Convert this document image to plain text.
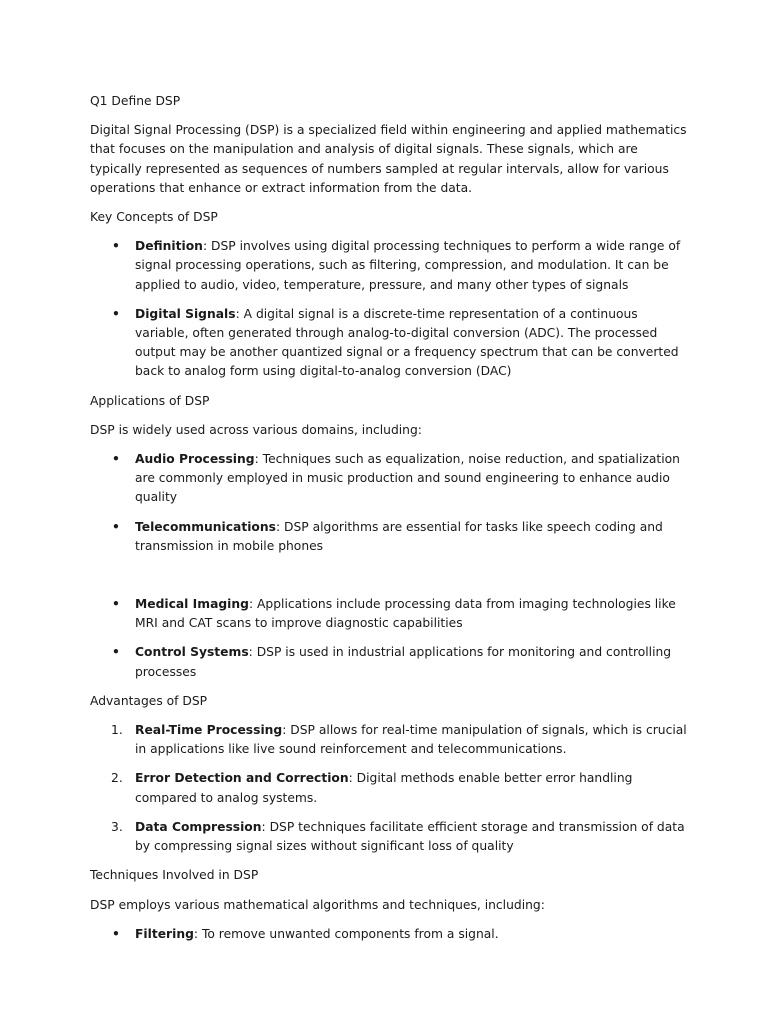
Q1 Define DSP

Digital Signal Processing (DSP) is a specialized field within engineering and applied mathematics that focuses on the manipulation and analysis of digital signals. These signals, which are typically represented as sequences of numbers sampled at regular intervals, allow for various operations that enhance or extract information from the data.

Key Concepts of DSP

• Definition: DSP involves using digital processing techniques to perform a wide range of signal processing operations, such as filtering, compression, and modulation. It can be applied to audio, video, temperature, pressure, and many other types of signals
• Digital Signals: A digital signal is a discrete-time representation of a continuous variable, often generated through analog-to-digital conversion (ADC). The processed output may be another quantized signal or a frequency spectrum that can be converted back to analog form using digital-to-analog conversion (DAC)

Applications of DSP

DSP is widely used across various domains, including:

• Audio Processing: Techniques such as equalization, noise reduction, and spatialization are commonly employed in music production and sound engineering to enhance audio quality
• Telecommunications: DSP algorithms are essential for tasks like speech coding and transmission in mobile phones
• Medical Imaging: Applications include processing data from imaging technologies like MRI and CAT scans to improve diagnostic capabilities
• Control Systems: DSP is used in industrial applications for monitoring and controlling processes

Advantages of DSP

1. Real-Time Processing: DSP allows for real-time manipulation of signals, which is crucial in applications like live sound reinforcement and telecommunications.
2. Error Detection and Correction: Digital methods enable better error handling compared to analog systems.
3. Data Compression: DSP techniques facilitate efficient storage and transmission of data by compressing signal sizes without significant loss of quality

Techniques Involved in DSP

DSP employs various mathematical algorithms and techniques, including:

• Filtering: To remove unwanted components from a signal.
